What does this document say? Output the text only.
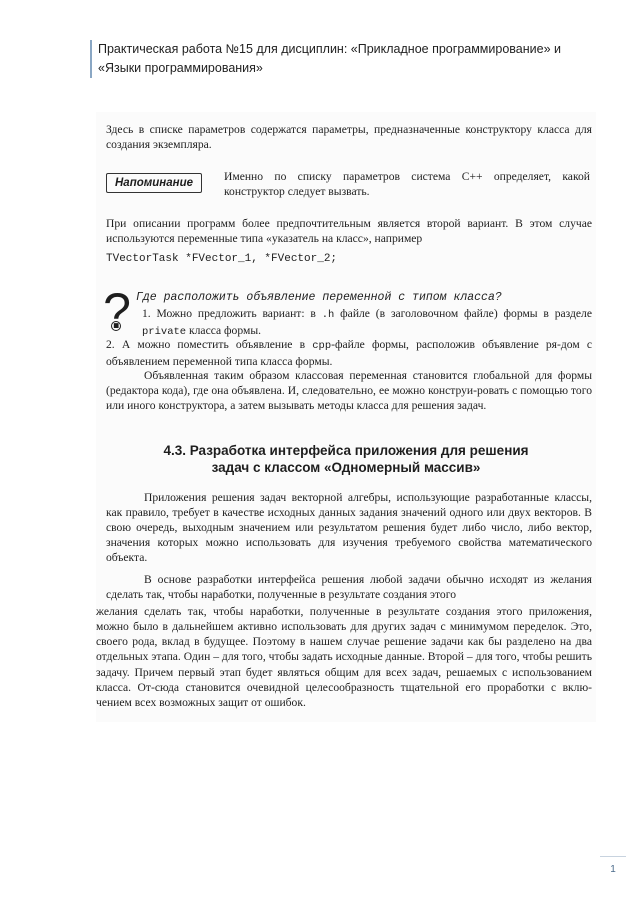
Практическая работа №15 для дисциплин: «Прикладное программирование» и «Языки программирования»

Здесь в списке параметров содержатся параметры, предназначенные конструктору класса для создания экземпляра.

Напоминание	Именно по списку параметров система C++ определяет, какой конструктор следует вызвать.

При описании программ более предпочтительным является второй вариант. В этом случае используются переменные типа «указатель на класс», например

TVectorTask *FVector_1, *FVector_2;
? Где расположить объявление переменной с типом класса?

1. Можно предложить вариант: в .h файле (в заголовочном файле) формы в разделе private класса формы.

2. А можно поместить объявление в cpp-файле формы, расположив объявление ря-дом с объявлением переменной типа класса формы.

Объявленная таким образом классовая переменная становится глобальной для формы (редактора кода), где она объявлена. И, следовательно, ее можно конструи-ровать с помощью того или иного конструктора, а затем вызывать методы класса для решения задач.

4.3. Разработка интерфейса приложения для решения
задач с классом «Одномерный массив»

Приложения решения задач векторной алгебры, использующие разработанные классы, как правило, требует в качестве исходных данных задания значений одного или двух векторов. В свою очередь, выходным значением или результатом решения будет либо число, либо вектор, значения которых можно использовать для изучения требуемого свойства математического объекта.

В основе разработки интерфейса решения любой задачи обычно исходят из желания сделать так, чтобы наработки, полученные в результате создания этого

желания сделать так, чтобы наработки, полученные в результате создания этого приложения, можно было в дальнейшем активно использовать для других задач с минимумом переделок. Это, своего рода, вклад в будущее. Поэтому в нашем случае решение задачи как бы разделено на два отдельных этапа. Один – для того, чтобы задать исходные данные. Второй – для того, чтобы решить задачу. Причем первый этап будет являться общим для всех задач, решаемых с использованием класса. От-сюда становится очевидной целесообразность тщательной его проработки с вклю-чением всех возможных защит от ошибок.

1
